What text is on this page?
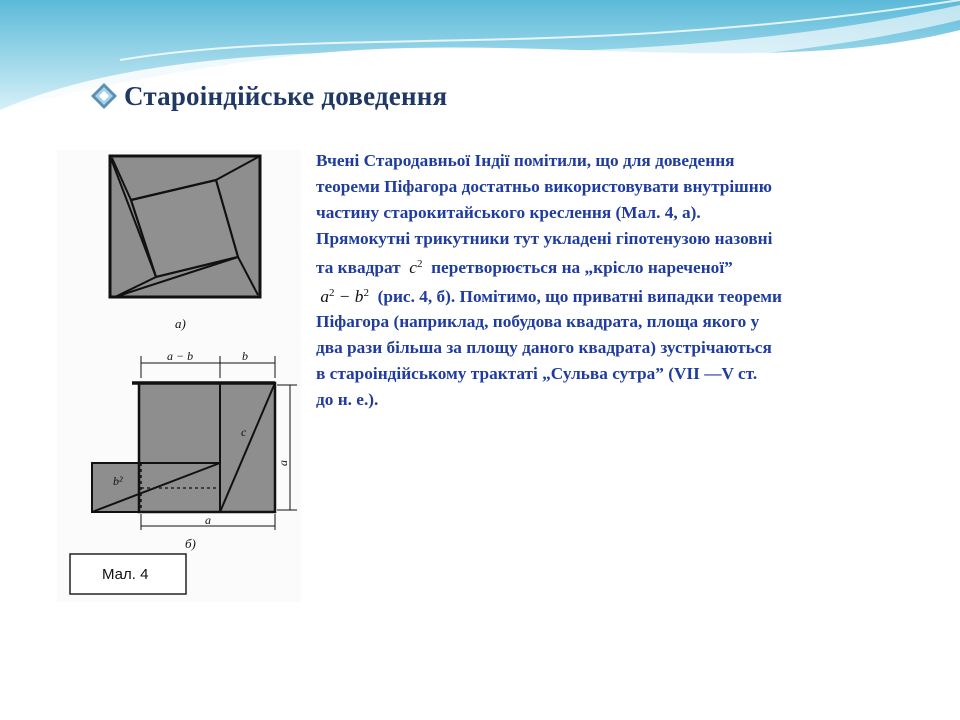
Староіндійське доведення
а)
a − b	b
b²
c
a
a
б)
Мал. 4

Вчені Стародавньої Індії помітили, що для доведення

теореми Піфагора достатньо використовувати внутрішню

частину старокитайського креслення (Мал. 4, а).

Прямокутні трикутники тут укладені гіпотенузою назовні

та квадрат $c^2$ перетворюється на „крісло нареченої”

$a^2 - b^2$ (рис. 4, б). Помітимо, що приватні випадки теореми

Піфагора (наприклад, побудова квадрата, площа якого у

два рази більша за площу даного квадрата) зустрічаються

в староіндійському трактаті „Сульва сутра” (VII —V ст.

до н. е.).
